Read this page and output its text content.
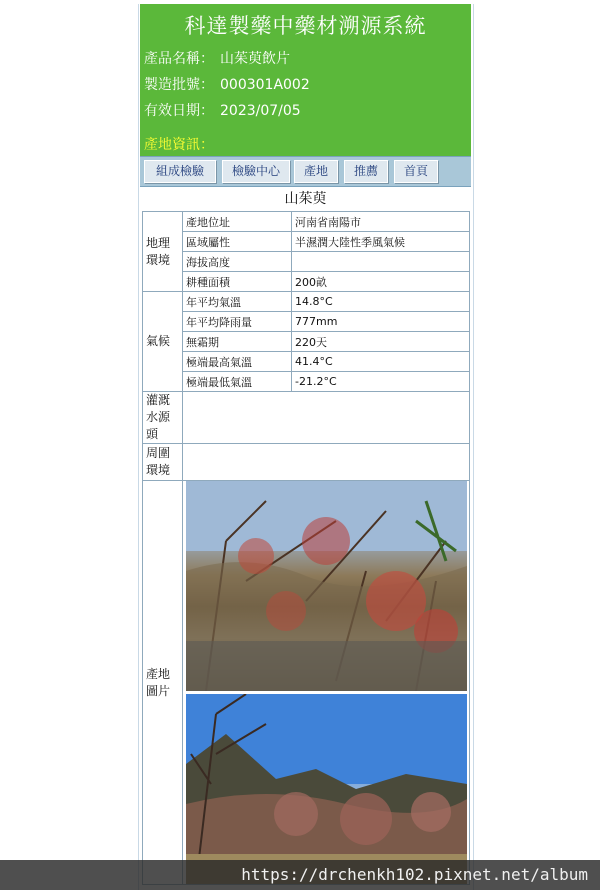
科達製藥中藥材溯源系統
產品名稱： 山茱萸飲片
製造批號： 000301A002
有效日期： 2023/07/05
產地資訊：
組成檢驗	檢驗中心	產地	推薦	首頁
山茱萸
地理環境	產地位址	河南省南陽市
	區域屬性	半濕潤大陸性季風氣候
	海拔高度	
	耕種面積	200畝
氣候	年平均氣溫	14.8°C
	年平均降雨量	777mm
	無霜期	220天
	極端最高氣溫	41.4°C
	極端最低氣溫	-21.2°C
灌溉水源頭		
周圍環境		
產地圖片	
https://drchenkh102.pixnet.net/album
